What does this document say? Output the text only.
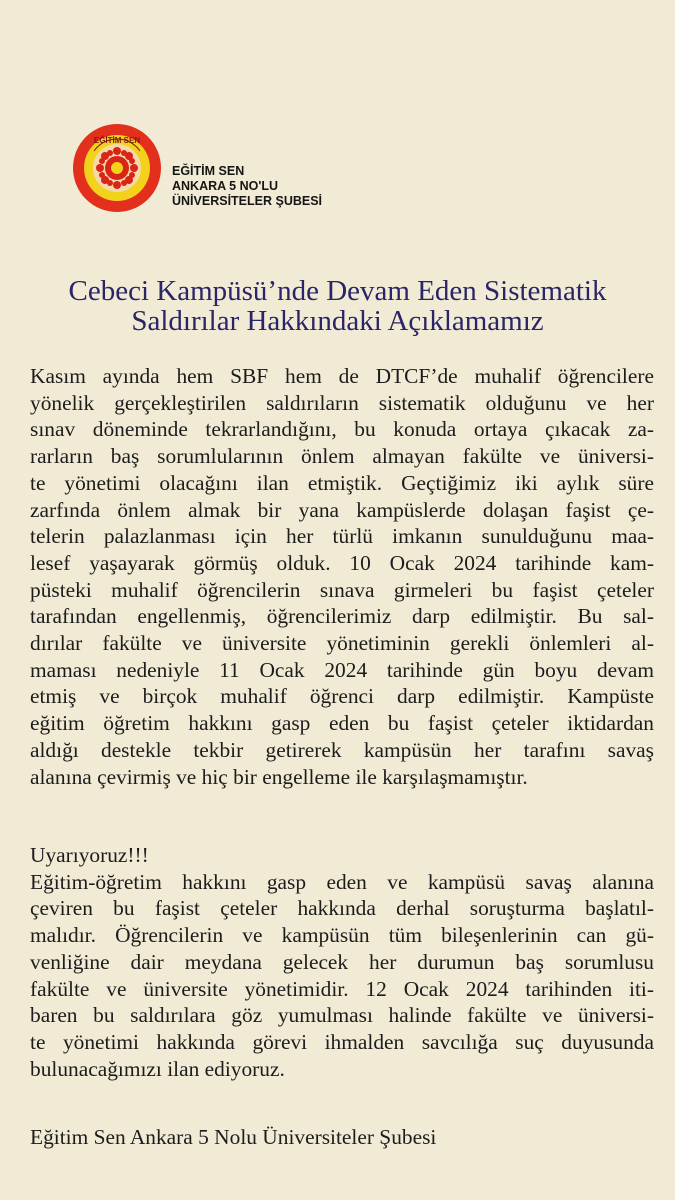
EĞİTİM SEN
EĞİTİM SEN
ANKARA 5 NO'LU
ÜNİVERSİTELER ŞUBESİ
Cebeci Kampüsü’nde Devam Eden Sistematik
Saldırılar Hakkındaki Açıklamamız
Kasım ayında hem SBF hem de DTCF’de muhalif öğrencilere
yönelik gerçekleştirilen saldırıların sistematik olduğunu ve her
sınav döneminde tekrarlandığını, bu konuda ortaya çıkacak za-
rarların baş sorumlularının önlem almayan fakülte ve üniversi-
te yönetimi olacağını ilan etmiştik. Geçtiğimiz iki aylık süre
zarfında önlem almak bir yana kampüslerde dolaşan faşist çe-
telerin palazlanması için her türlü imkanın sunulduğunu maa-
lesef yaşayarak görmüş olduk. 10 Ocak 2024 tarihinde kam-
püsteki muhalif öğrencilerin sınava girmeleri bu faşist çeteler
tarafından engellenmiş, öğrencilerimiz darp edilmiştir. Bu sal-
dırılar fakülte ve üniversite yönetiminin gerekli önlemleri al-
maması nedeniyle 11 Ocak 2024 tarihinde gün boyu devam
etmiş ve birçok muhalif öğrenci darp edilmiştir. Kampüste
eğitim öğretim hakkını gasp eden bu faşist çeteler iktidardan
aldığı destekle tekbir getirerek kampüsün her tarafını savaş
alanına çevirmiş ve hiç bir engelleme ile karşılaşmamıştır.
Uyarıyoruz!!!
Eğitim-öğretim hakkını gasp eden ve kampüsü savaş alanına
çeviren bu faşist çeteler hakkında derhal soruşturma başlatıl-
malıdır. Öğrencilerin ve kampüsün tüm bileşenlerinin can gü-
venliğine dair meydana gelecek her durumun baş sorumlusu
fakülte ve üniversite yönetimidir. 12 Ocak 2024 tarihinden iti-
baren bu saldırılara göz yumulması halinde fakülte ve üniversi-
te yönetimi hakkında görevi ihmalden savcılığa suç duyusunda
bulunacağımızı ilan ediyoruz.
Eğitim Sen Ankara 5 Nolu Üniversiteler Şubesi
